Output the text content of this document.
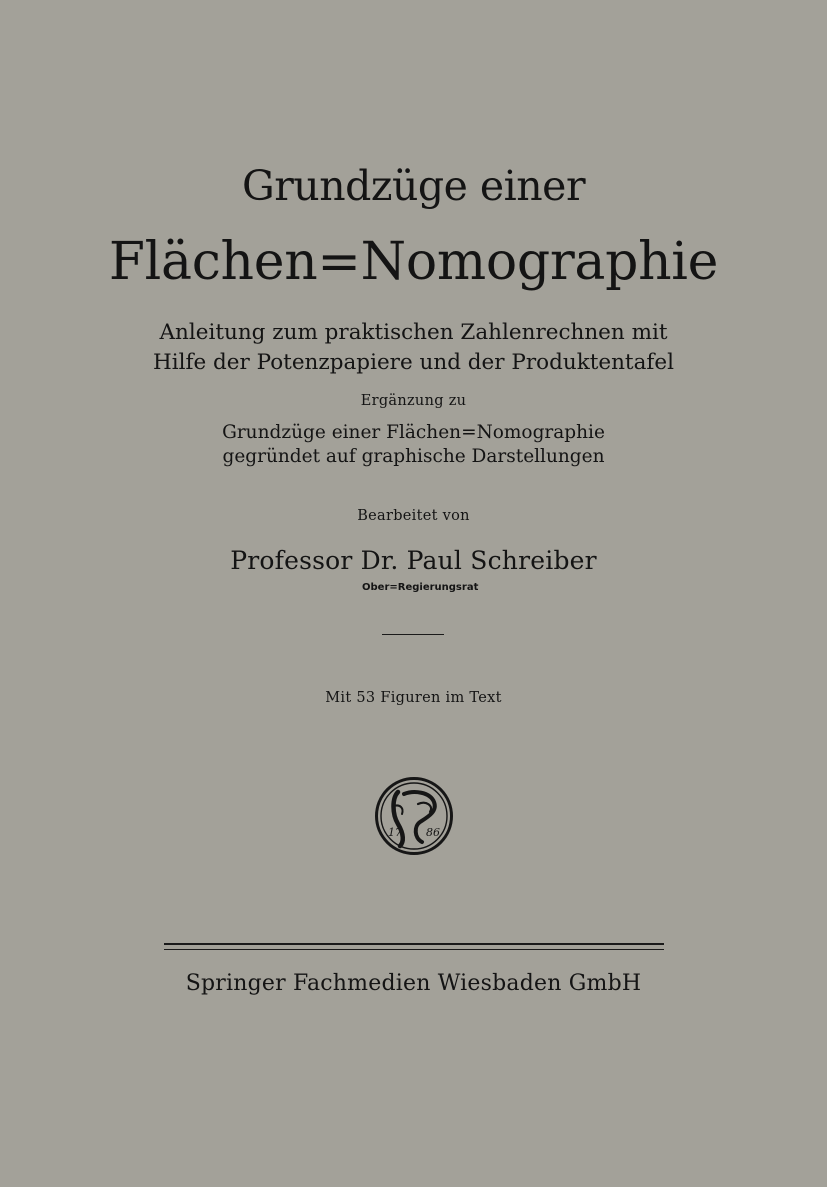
Grundzüge einer
Flächen=Nomographie
Anleitung zum praktischen Zahlenrechnen mit
Hilfe der Potenzpapiere und der Produktentafel
Ergänzung zu
Grundzüge einer Flächen=Nomographie
gegründet auf graphische Darstellungen
Bearbeitet von
Professor Dr. Paul Schreiber
Ober=Regierungsrat
Mit 53 Figuren im Text
17 86
Springer Fachmedien Wiesbaden GmbH
